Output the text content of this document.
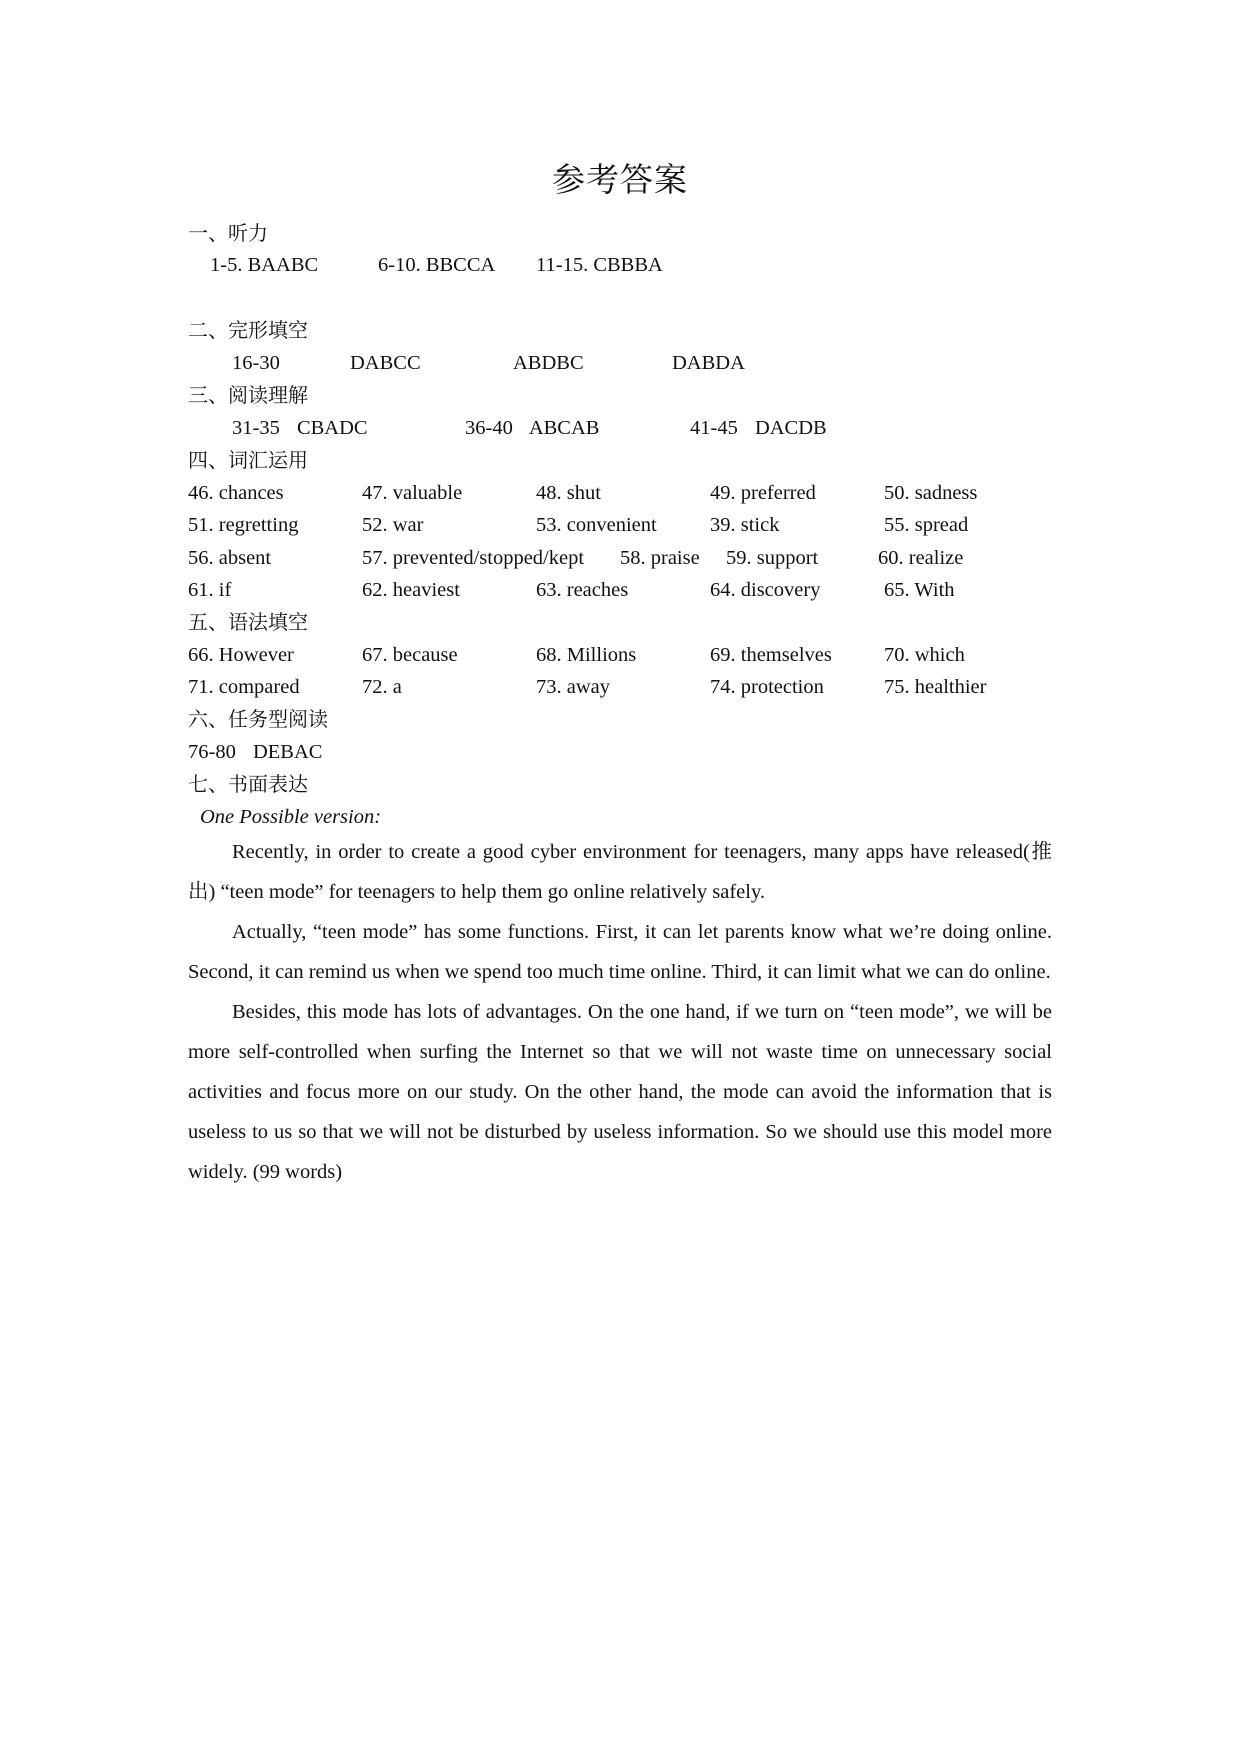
参考答案
一、听力
1-5. BAABC	6-10. BBCCA 11-15. CBBBA
二、完形填空
16-30	DABCC	ABDBC	DABDA
三、阅读理解
31-35 CBADC	36-40 ABCAB	41-45 DACDB
四、词汇运用
46. chances	47. valuable	48. shut	49. preferred	50. sadness
51. regretting	52. war	53. convenient	39. stick	55. spread
56. absent	57. prevented/stopped/kept 58. praise 59. support	60. realize
61. if	62. heaviest	63. reaches	64. discovery	65. With
五、语法填空
66. However	67. because	68. Millions	69. themselves	70. which
71. compared	72. a	73. away	74. protection	75. healthier
六、任务型阅读
76-80 DEBAC
七、书面表达
One Possible version:

Recently, in order to create a good cyber environment for teenagers, many apps have released(推出) “teen mode” for teenagers to help them go online relatively safely.

Actually, “teen mode” has some functions. First, it can let parents know what we’re doing online. Second, it can remind us when we spend too much time online. Third, it can limit what we can do online.

Besides, this mode has lots of advantages. On the one hand, if we turn on “teen mode”, we will be more self-controlled when surfing the Internet so that we will not waste time on unnecessary social activities and focus more on our study. On the other hand, the mode can avoid the information that is useless to us so that we will not be disturbed by useless information. So we should use this model more widely. (99 words)
